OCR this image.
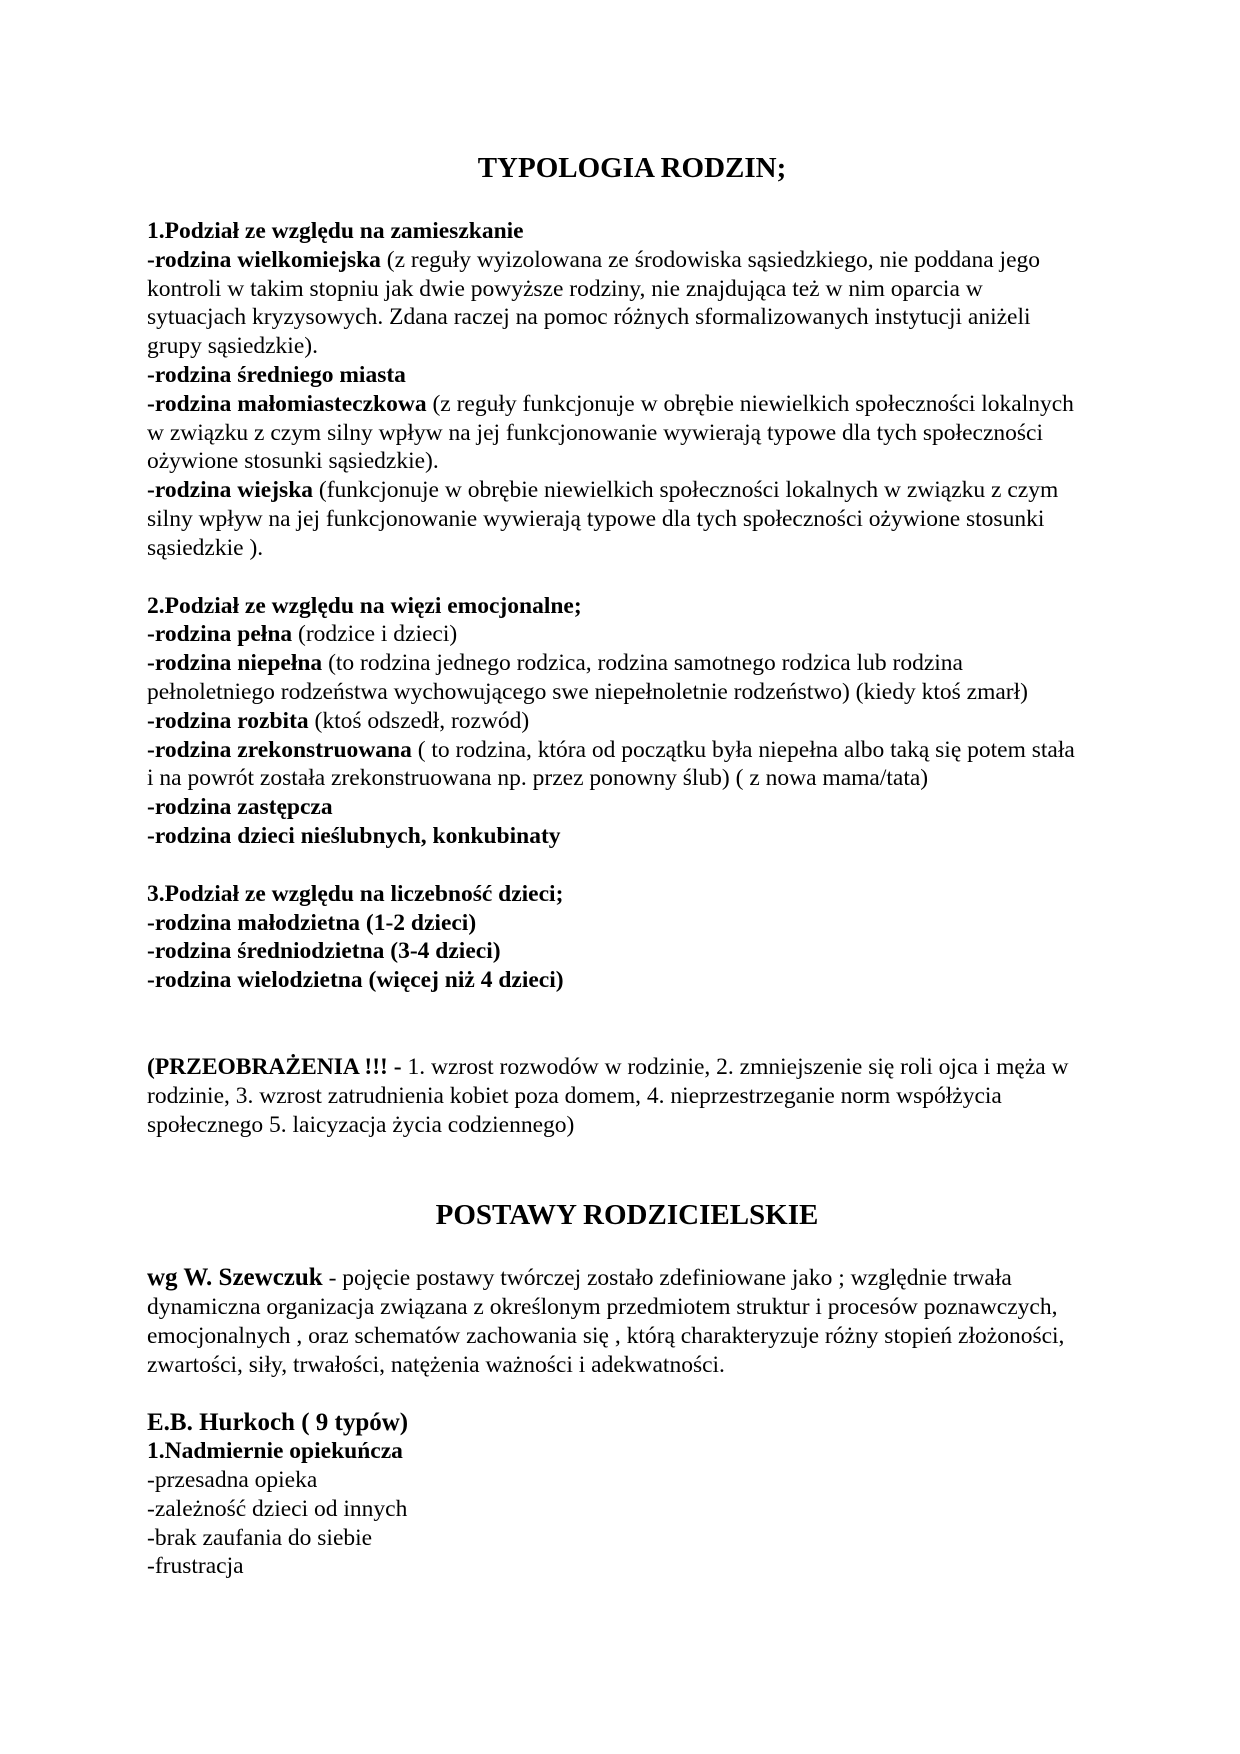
TYPOLOGIA RODZIN;
1.Podział ze względu na zamieszkanie
-rodzina wielkomiejska (z reguły wyizolowana ze środowiska sąsiedzkiego, nie poddana jego kontroli w takim stopniu jak dwie powyższe rodziny, nie znajdująca też w nim oparcia w sytuacjach kryzysowych. Zdana raczej na pomoc różnych sformalizowanych instytucji aniżeli grupy sąsiedzkie).
-rodzina średniego miasta
-rodzina małomiasteczkowa (z reguły funkcjonuje w obrębie niewielkich społeczności lokalnych w związku z czym silny wpływ na jej funkcjonowanie wywierają typowe dla tych społeczności ożywione stosunki sąsiedzkie).
-rodzina wiejska (funkcjonuje w obrębie niewielkich społeczności lokalnych w związku z czym silny wpływ na jej funkcjonowanie wywierają typowe dla tych społeczności ożywione stosunki sąsiedzkie ).
2.Podział ze względu na więzi emocjonalne;
-rodzina pełna (rodzice i dzieci)
-rodzina niepełna (to rodzina jednego rodzica, rodzina samotnego rodzica lub rodzina pełnoletniego rodzeństwa wychowującego swe niepełnoletnie rodzeństwo) (kiedy ktoś zmarł)
-rodzina rozbita (ktoś odszedł, rozwód)
-rodzina zrekonstruowana ( to rodzina, która od początku była niepełna albo taką się potem stała i na powrót została zrekonstruowana np. przez ponowny ślub) ( z nowa mama/tata)
-rodzina zastępcza
-rodzina dzieci nieślubnych, konkubinaty
3.Podział ze względu na liczebność dzieci;
-rodzina małodzietna (1-2 dzieci)
-rodzina średniodzietna (3-4 dzieci)
-rodzina wielodzietna (więcej niż 4 dzieci)
(PRZEOBRAŻENIA !!! - 1. wzrost rozwodów w rodzinie, 2. zmniejszenie się roli ojca i męża w rodzinie, 3. wzrost zatrudnienia kobiet poza domem, 4. nieprzestrzeganie norm współżycia społecznego 5. laicyzacja życia codziennego)
POSTAWY RODZICIELSKIE
wg W. Szewczuk - pojęcie postawy twórczej zostało zdefiniowane jako ; względnie trwała dynamiczna organizacja związana z określonym przedmiotem struktur i procesów poznawczych, emocjonalnych , oraz schematów zachowania się , którą charakteryzuje różny stopień złożoności, zwartości, siły, trwałości, natężenia ważności i adekwatności.
E.B. Hurkoch ( 9 typów)
1.Nadmiernie opiekuńcza
-przesadna opieka
-zależność dzieci od innych
-brak zaufania do siebie
-frustracja
